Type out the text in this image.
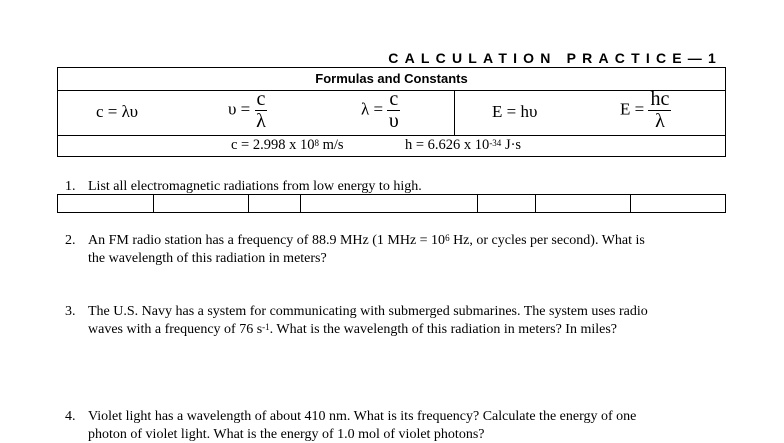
CALCULATION PRACTICE—1
Formulas and Constants
c = λυ	$\upsilon = \frac{c}{\lambda}$	$\lambda = \frac{c}{\upsilon}$	E = hυ	$E = \frac{hc}{\lambda}$
c = 2.998 x $10^8$ m/s	h = 6.626 x $10^{-34}$ J·s
1. List all electromagnetic radiations from low energy to high.
2. An FM radio station has a frequency of 88.9 MHz (1 MHz = $10^6$ Hz, or cycles per second). What is
the wavelength of this radiation in meters?
3. The U.S. Navy has a system for communicating with submerged submarines. The system uses radio
waves with a frequency of 76 $s^{-1}$. What is the wavelength of this radiation in meters? In miles?
4. Violet light has a wavelength of about 410 nm. What is its frequency? Calculate the energy of one
photon of violet light. What is the energy of 1.0 mol of violet photons?
